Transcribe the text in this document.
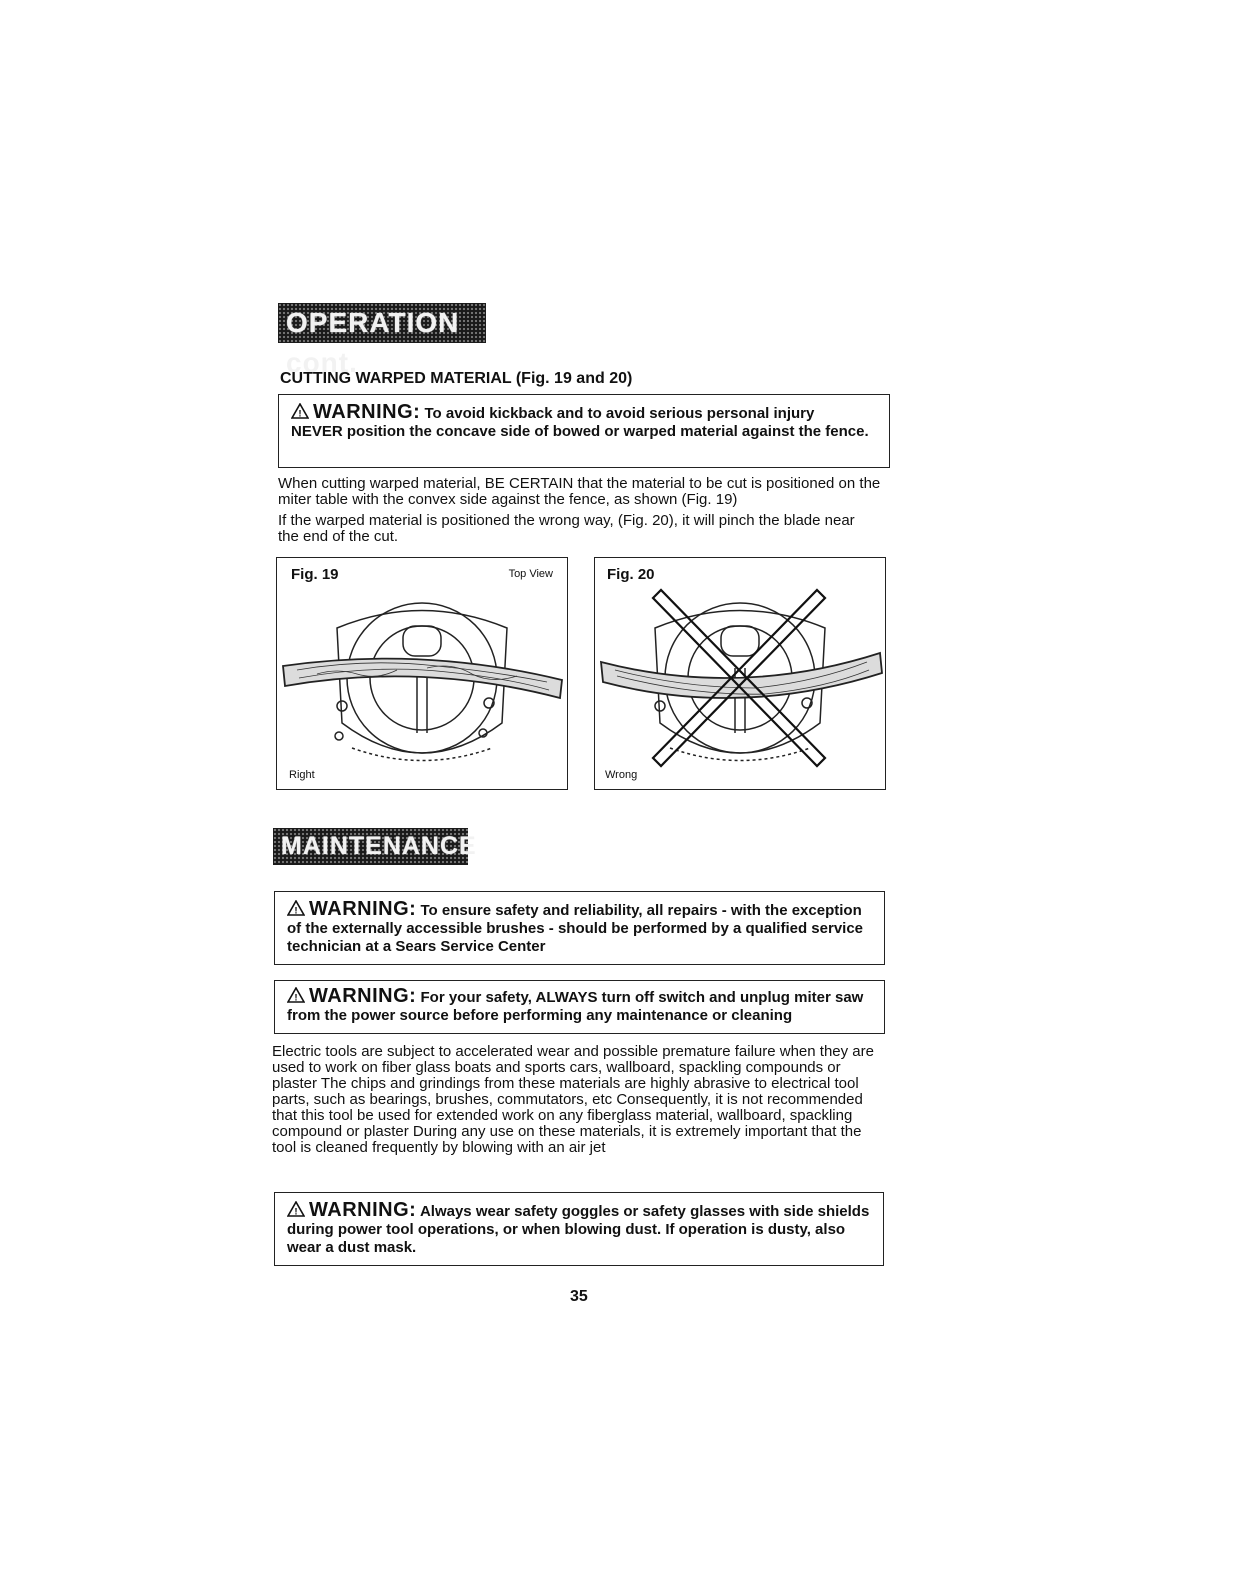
OPERATION cont.
CUTTING WARPED MATERIAL (Fig. 19 and 20)
! WARNING: To avoid kickback and to avoid serious personal injury
NEVER position the concave side of bowed or warped material against the fence.
When cutting warped material, BE CERTAIN that the material to be cut is positioned on the miter table with the convex side against the fence, as shown (Fig. 19)
If the warped material is positioned the wrong way, (Fig. 20), it will pinch the blade near the end of the cut.
Fig. 19	Top View
Right
Fig. 20
Wrong
MAINTENANCE
! WARNING: To ensure safety and reliability, all repairs - with the exception of the externally accessible brushes - should be performed by a qualified service technician at a Sears Service Center
! WARNING: For your safety, ALWAYS turn off switch and unplug miter saw from the power source before performing any maintenance or cleaning
Electric tools are subject to accelerated wear and possible premature failure when they are used to work on fiber glass boats and sports cars, wallboard, spackling compounds or plaster The chips and grindings from these materials are highly abrasive to electrical tool parts, such as bearings, brushes, commutators, etc Consequently, it is not recommended that this tool be used for extended work on any fiberglass material, wallboard, spackling compound or plaster During any use on these materials, it is extremely important that the tool is cleaned frequently by blowing with an air jet
! WARNING: Always wear safety goggles or safety glasses with side shields during power tool operations, or when blowing dust. If operation is dusty, also wear a dust mask.
35
